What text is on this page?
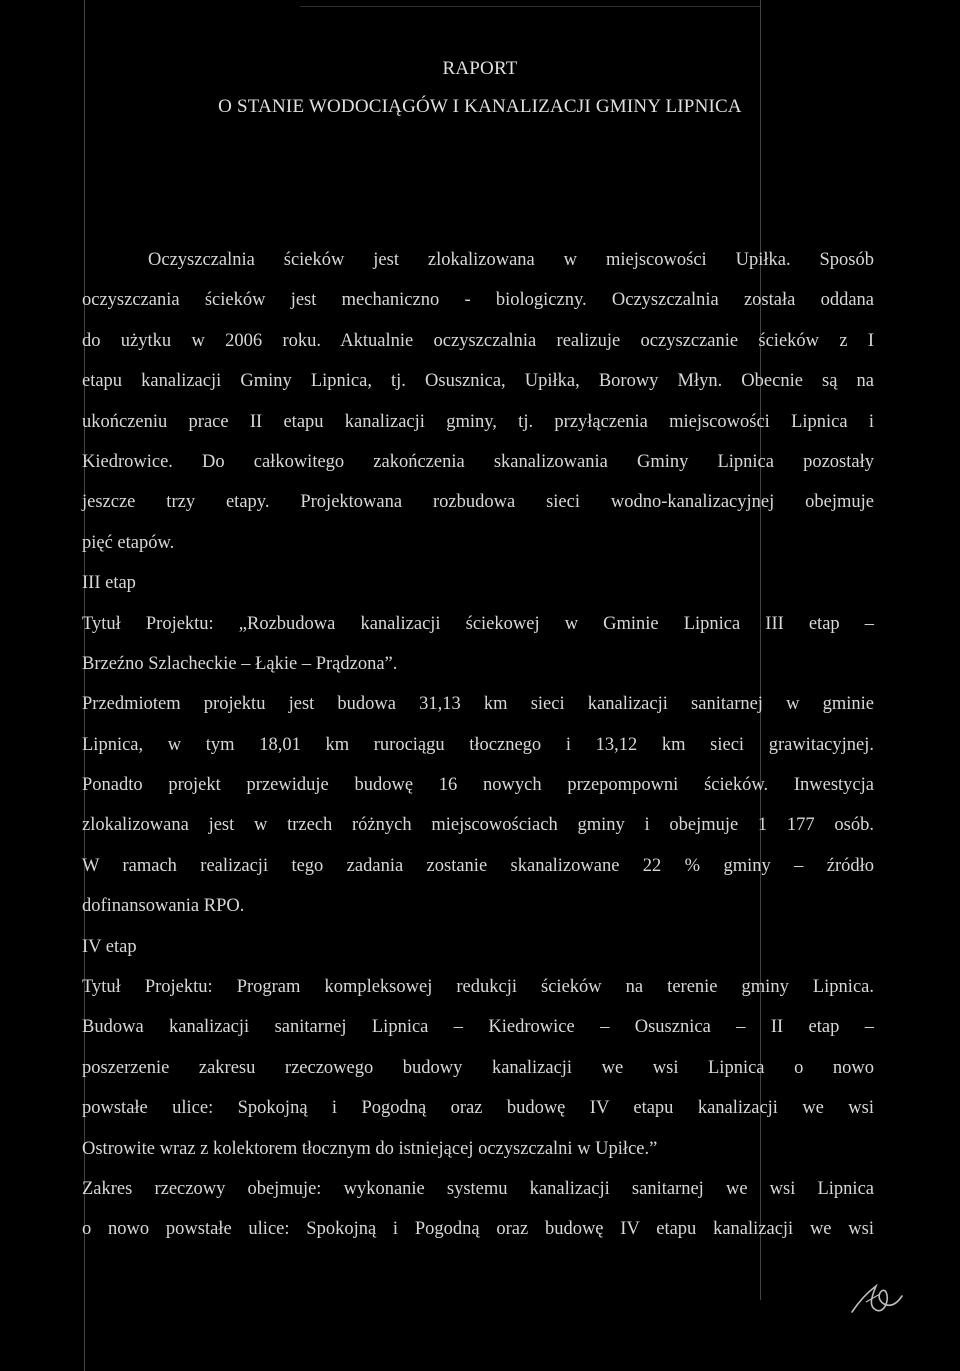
RAPORT
O STANIE WODOCIĄGÓW I KANALIZACJI GMINY LIPNICA
Oczyszczalnia ścieków jest zlokalizowana w miejscowości Upiłka. Sposób
oczyszczania ścieków jest mechaniczno - biologiczny. Oczyszczalnia została oddana
do użytku w 2006 roku. Aktualnie oczyszczalnia realizuje oczyszczanie ścieków z I
etapu kanalizacji Gminy Lipnica, tj. Osusznica, Upiłka, Borowy Młyn. Obecnie są na
ukończeniu prace II etapu kanalizacji gminy, tj. przyłączenia miejscowości Lipnica i
Kiedrowice. Do całkowitego zakończenia skanalizowania Gminy Lipnica pozostały
jeszcze trzy etapy. Projektowana rozbudowa sieci wodno-kanalizacyjnej obejmuje
pięć etapów.
III etap
Tytuł Projektu: „Rozbudowa kanalizacji ściekowej w Gminie Lipnica III etap –
Brzeźno Szlacheckie – Łąkie – Prądzona”.
Przedmiotem projektu jest budowa 31,13 km sieci kanalizacji sanitarnej w gminie
Lipnica, w tym 18,01 km rurociągu tłocznego i 13,12 km sieci grawitacyjnej.
Ponadto projekt przewiduje budowę 16 nowych przepompowni ścieków. Inwestycja
zlokalizowana jest w trzech różnych miejscowościach gminy i obejmuje 1 177 osób.
W ramach realizacji tego zadania zostanie skanalizowane 22 % gminy – źródło
dofinansowania RPO.
IV etap
Tytuł Projektu: Program kompleksowej redukcji ścieków na terenie gminy Lipnica.
Budowa kanalizacji sanitarnej Lipnica – Kiedrowice – Osusznica – II etap –
poszerzenie zakresu rzeczowego budowy kanalizacji we wsi Lipnica o nowo
powstałe ulice: Spokojną i Pogodną oraz budowę IV etapu kanalizacji we wsi
Ostrowite wraz z kolektorem tłocznym do istniejącej oczyszczalni w Upiłce.”
Zakres rzeczowy obejmuje: wykonanie systemu kanalizacji sanitarnej we wsi Lipnica
o nowo powstałe ulice: Spokojną i Pogodną oraz budowę IV etapu kanalizacji we wsi
